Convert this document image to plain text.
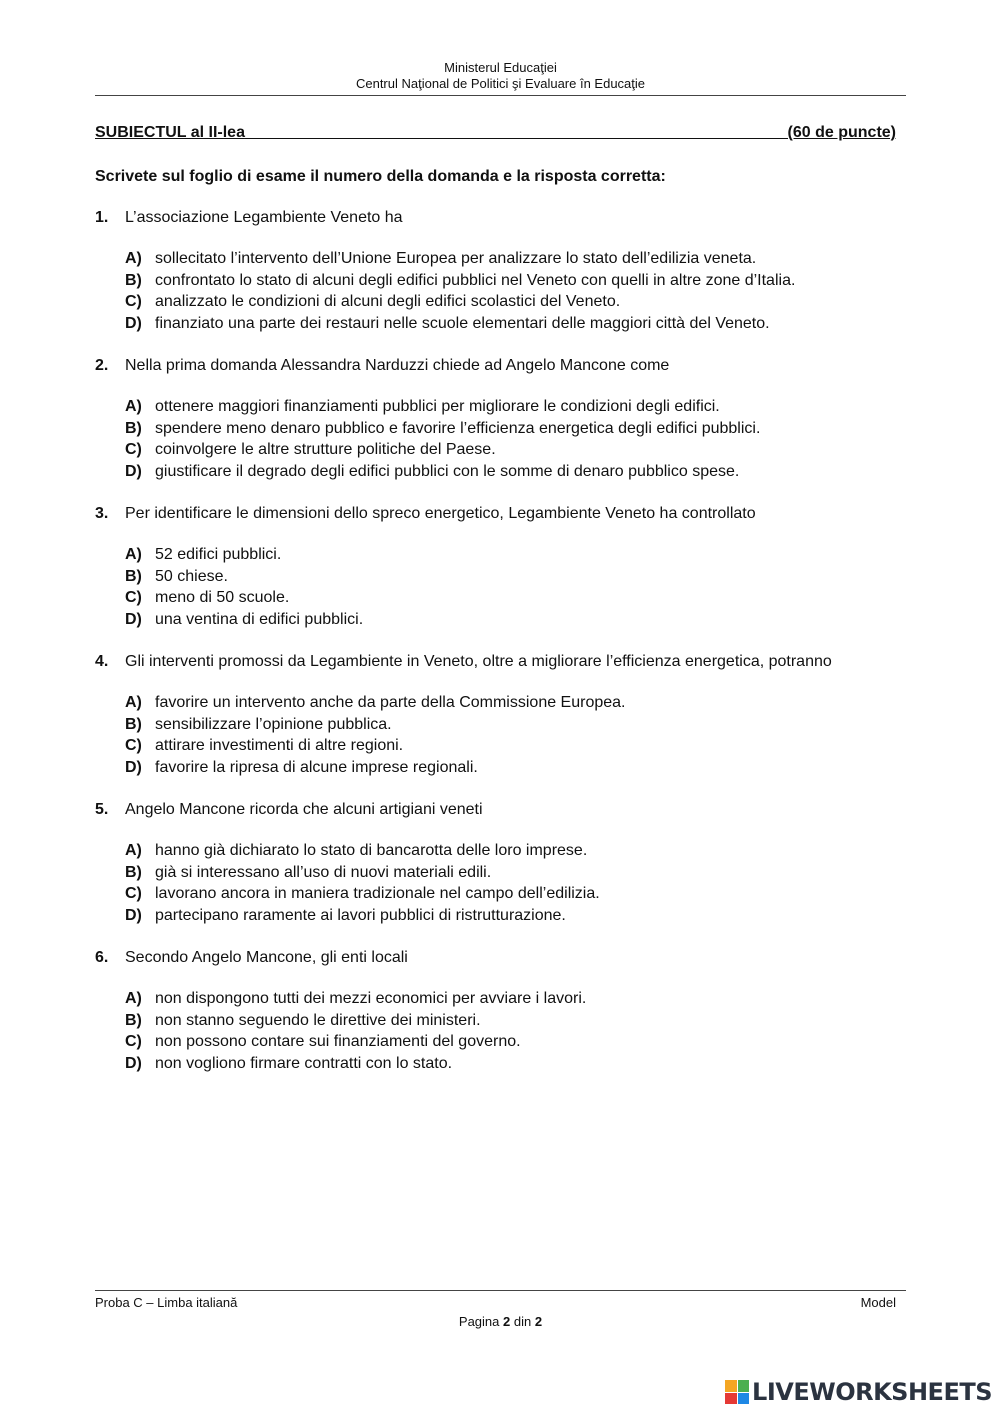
Ministerul Educaţiei
Centrul Naţional de Politici şi Evaluare în Educaţie
SUBIECTUL al II-lea	(60 de puncte)
Scrivete sul foglio di esame il numero della domanda e la risposta corretta:
1.	L’associazione Legambiente Veneto ha
A) sollecitato l’intervento dell’Unione Europea per analizzare lo stato dell’edilizia veneta.
B) confrontato lo stato di alcuni degli edifici pubblici nel Veneto con quelli in altre zone d’Italia.
C) analizzato le condizioni di alcuni degli edifici scolastici del Veneto.
D) finanziato una parte dei restauri nelle scuole elementari delle maggiori città del Veneto.
2.	Nella prima domanda Alessandra Narduzzi chiede ad Angelo Mancone come
A) ottenere maggiori finanziamenti pubblici per migliorare le condizioni degli edifici.
B) spendere meno denaro pubblico e favorire l’efficienza energetica degli edifici pubblici.
C) coinvolgere le altre strutture politiche del Paese.
D) giustificare il degrado degli edifici pubblici con le somme di denaro pubblico spese.
3.	Per identificare le dimensioni dello spreco energetico, Legambiente Veneto ha controllato
A) 52 edifici pubblici.
B) 50 chiese.
C) meno di 50 scuole.
D) una ventina di edifici pubblici.
4.	Gli interventi promossi da Legambiente in Veneto, oltre a migliorare l’efficienza energetica, potranno
A) favorire un intervento anche da parte della Commissione Europea.
B) sensibilizzare l’opinione pubblica.
C) attirare investimenti di altre regioni.
D) favorire la ripresa di alcune imprese regionali.
5.	Angelo Mancone ricorda che alcuni artigiani veneti
A) hanno già dichiarato lo stato di bancarotta delle loro imprese.
B) già si interessano all’uso di nuovi materiali edili.
C) lavorano ancora in maniera tradizionale nel campo dell’edilizia.
D) partecipano raramente ai lavori pubblici di ristrutturazione.
6.	Secondo Angelo Mancone, gli enti locali
A) non dispongono tutti dei mezzi economici per avviare i lavori.
B) non stanno seguendo le direttive dei ministeri.
C) non possono contare sui finanziamenti del governo.
D) non vogliono firmare contratti con lo stato.
Proba C – Limba italiană	Model
Pagina 2 din 2
LIVEWORKSHEETS
